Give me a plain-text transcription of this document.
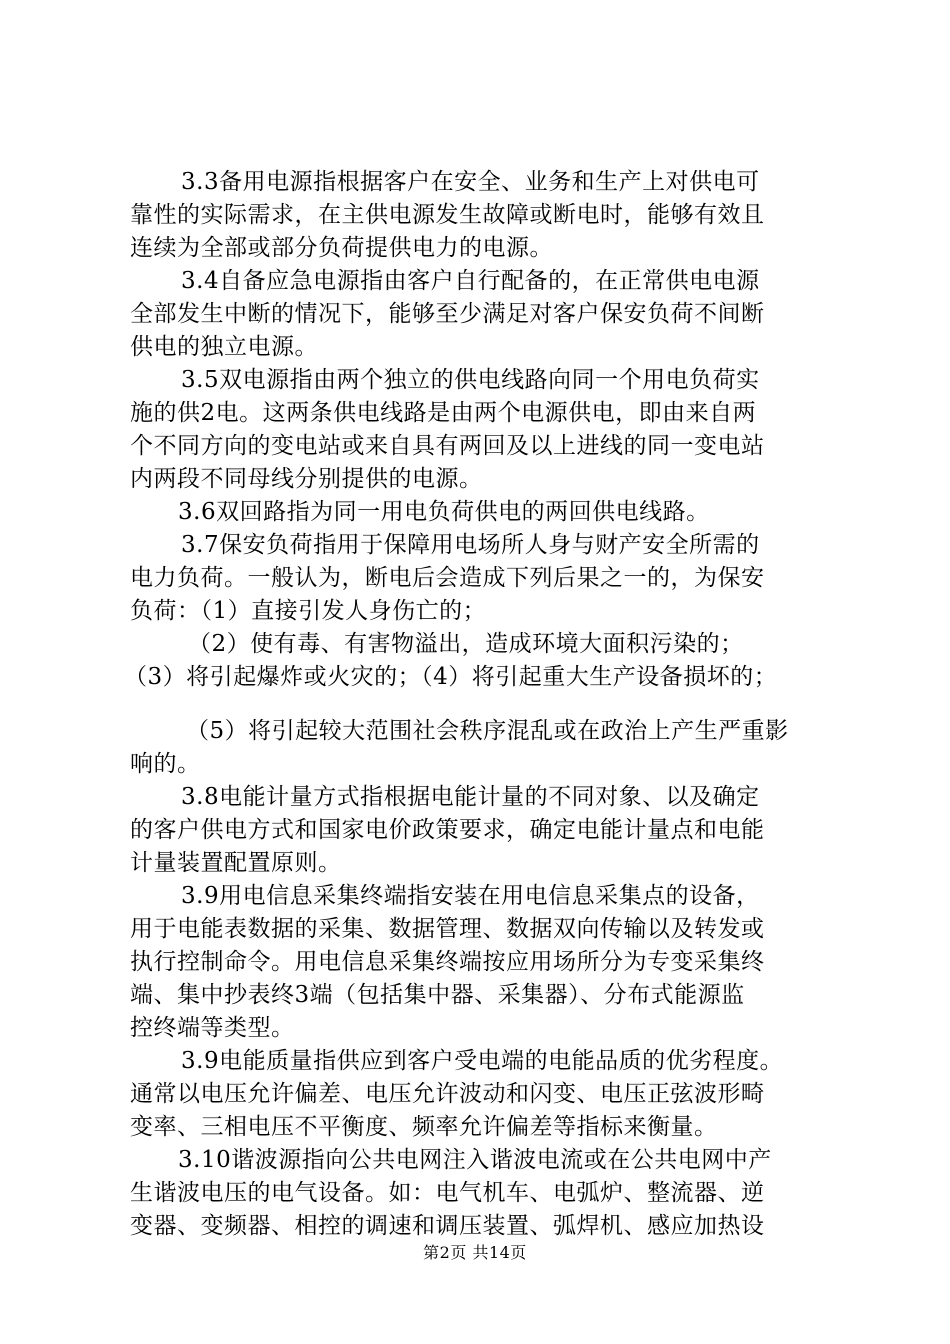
3.3备用电源指根据客户在安全、业务和生产上对供电可
靠性的实际需求，在主供电源发生故障或断电时，能够有效且
连续为全部或部分负荷提供电力的电源。
3.4自备应急电源指由客户自行配备的，在正常供电电源
全部发生中断的情况下，能够至少满足对客户保安负荷不间断
供电的独立电源。
3.5双电源指由两个独立的供电线路向同一个用电负荷实
施的供2电。这两条供电线路是由两个电源供电，即由来自两
个不同方向的变电站或来自具有两回及以上进线的同一变电站
内两段不同母线分别提供的电源。
3.6双回路指为同一用电负荷供电的两回供电线路。
3.7保安负荷指用于保障用电场所人身与财产安全所需的
电力负荷。一般认为，断电后会造成下列后果之一的，为保安
负荷：（1）直接引发人身伤亡的；
（2）使有毒、有害物溢出，造成环境大面积污染的；
（3）将引起爆炸或火灾的；（4）将引起重大生产设备损坏的；
（5）将引起较大范围社会秩序混乱或在政治上产生严重影
响的。
3.8电能计量方式指根据电能计量的不同对象、以及确定
的客户供电方式和国家电价政策要求，确定电能计量点和电能
计量装置配置原则。
3.9用电信息采集终端指安装在用电信息采集点的设备，
用于电能表数据的采集、数据管理、数据双向传输以及转发或
执行控制命令。用电信息采集终端按应用场所分为专变采集终
端、集中抄表终3端（包括集中器、采集器）、分布式能源监
控终端等类型。
3.9电能质量指供应到客户受电端的电能品质的优劣程度。
通常以电压允许偏差、电压允许波动和闪变、电压正弦波形畸
变率、三相电压不平衡度、频率允许偏差等指标来衡量。
3.10谐波源指向公共电网注入谐波电流或在公共电网中产
生谐波电压的电气设备。如：电气机车、电弧炉、整流器、逆
变器、变频器、相控的调速和调压装置、弧焊机、感应加热设
第2页 共14页
